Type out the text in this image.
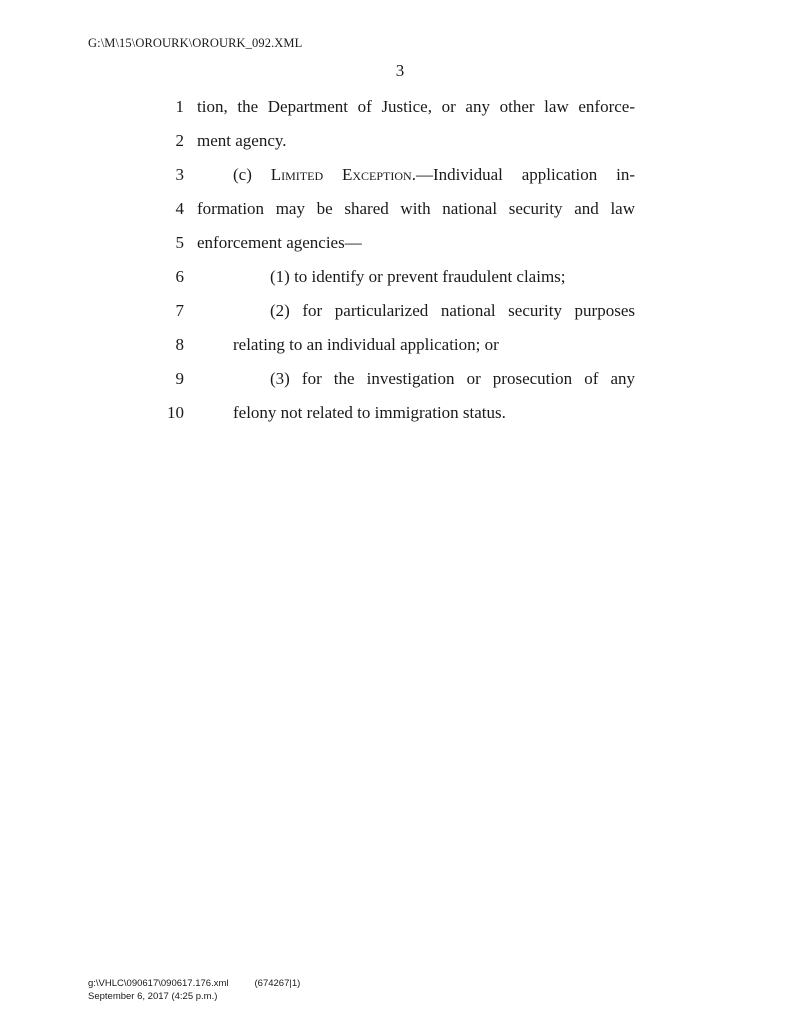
G:\M\15\OROURK\OROURK_092.XML
3
1 tion, the Department of Justice, or any other law enforce-
2 ment agency.
3	(c) Limited Exception.—Individual application in-
4 formation may be shared with national security and law
5 enforcement agencies—
6	(1) to identify or prevent fraudulent claims;
7	(2) for particularized national security purposes
8	relating to an individual application; or
9	(3) for the investigation or prosecution of any
10	felony not related to immigration status.
g:\VHLC\090617\090617.176.xml	(674267|1)
September 6, 2017 (4:25 p.m.)
